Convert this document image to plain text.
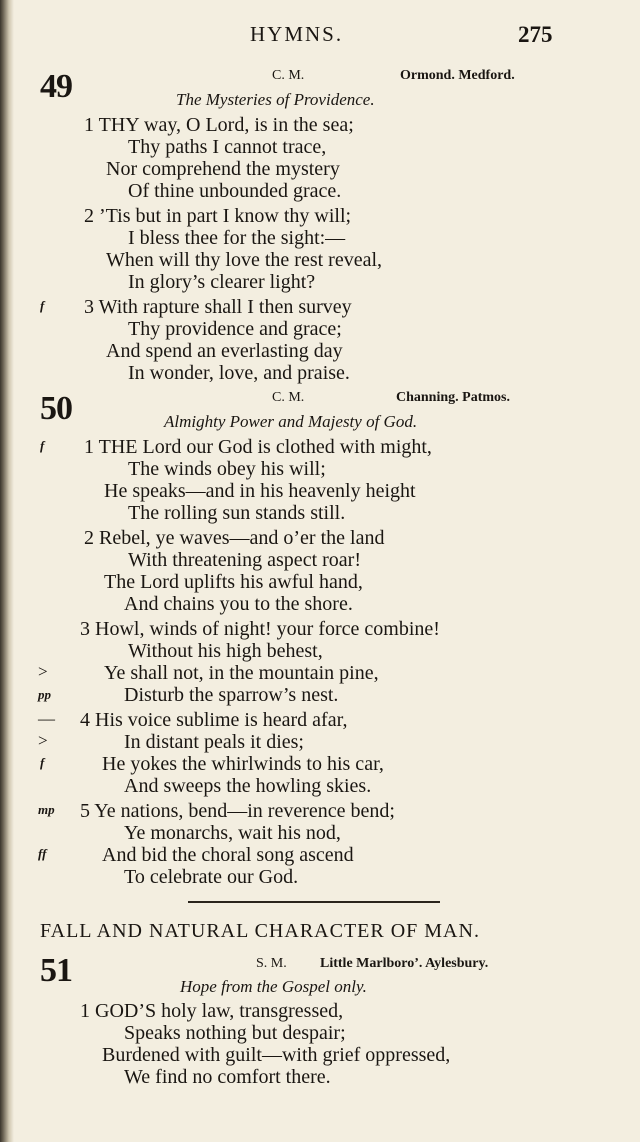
HYMNS.	275
49	C. M.	Ormond. Medford.
The Mysteries of Providence.
1 THY way, O Lord, is in the sea;
Thy paths I cannot trace,
Nor comprehend the mystery
Of thine unbounded grace.
2 ’Tis but in part I know thy will;
I bless thee for the sight:—
When will thy love the rest reveal,
In glory’s clearer light?
3 With rapture shall I then survey
Thy providence and grace;
And spend an everlasting day
In wonder, love, and praise.
f
50	C. M.	Channing. Patmos.
Almighty Power and Majesty of God.
1 THE Lord our God is clothed with might,
The winds obey his will;
He speaks—and in his heavenly height
The rolling sun stands still.
2 Rebel, ye waves—and o’er the land
With threatening aspect roar!
The Lord uplifts his awful hand,
And chains you to the shore.
3 Howl, winds of night! your force combine!
Without his high behest,
Ye shall not, in the mountain pine,
Disturb the sparrow’s nest.
4 His voice sublime is heard afar,
In distant peals it dies;
He yokes the whirlwinds to his car,
And sweeps the howling skies.
5 Ye nations, bend—in reverence bend;
Ye monarchs, wait his nod,
And bid the choral song ascend
To celebrate our God.
f
>
pp
—
>
f
mp
ff
FALL AND NATURAL CHARACTER OF MAN.
51	S. M. Little Marlboro’. Aylesbury.
Hope from the Gospel only.
1 GOD’S holy law, transgressed,
Speaks nothing but despair;
Burdened with guilt—with grief oppressed,
We find no comfort there.
